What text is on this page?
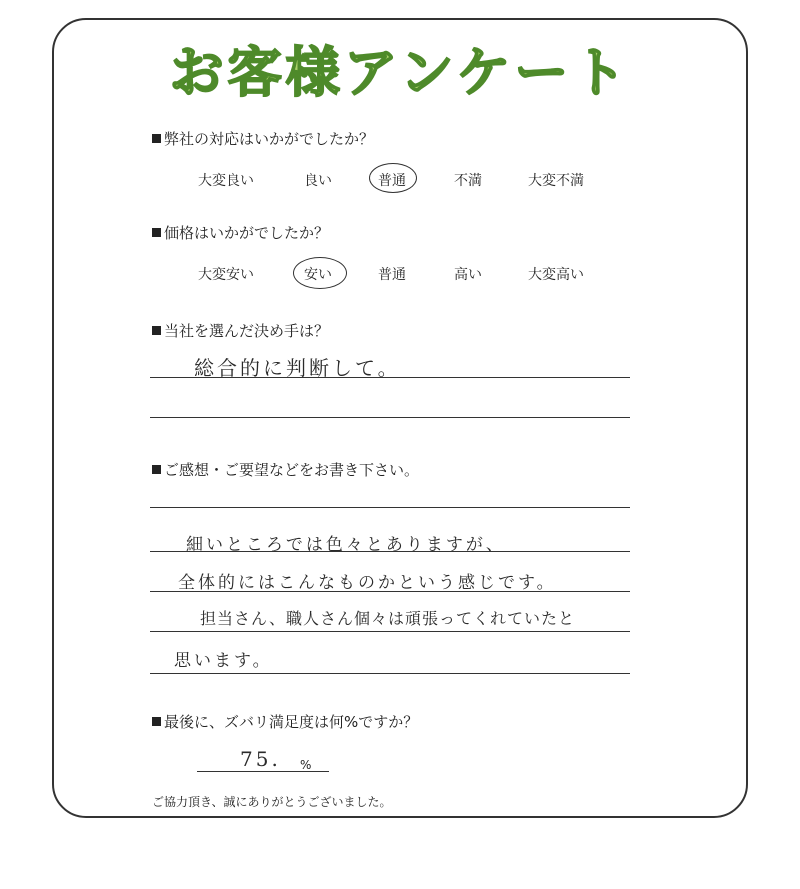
お客様アンケート
弊社の対応はいかがでしたか？
大変良い	良い	普通	不満	大変不満
価格はいかがでしたか？
大変安い	安い	普通	高い	大変高い
当社を選んだ決め手は？
総合的に判断して。
ご感想・ご要望などをお書き下さい。
細いところでは色々とありますが、
全体的にはこんなものかという感じです。
担当さん、職人さん個々は頑張ってくれていたと
思います。
最後に、ズバリ満足度は何%ですか？
75. %
ご協力頂き、誠にありがとうございました。
